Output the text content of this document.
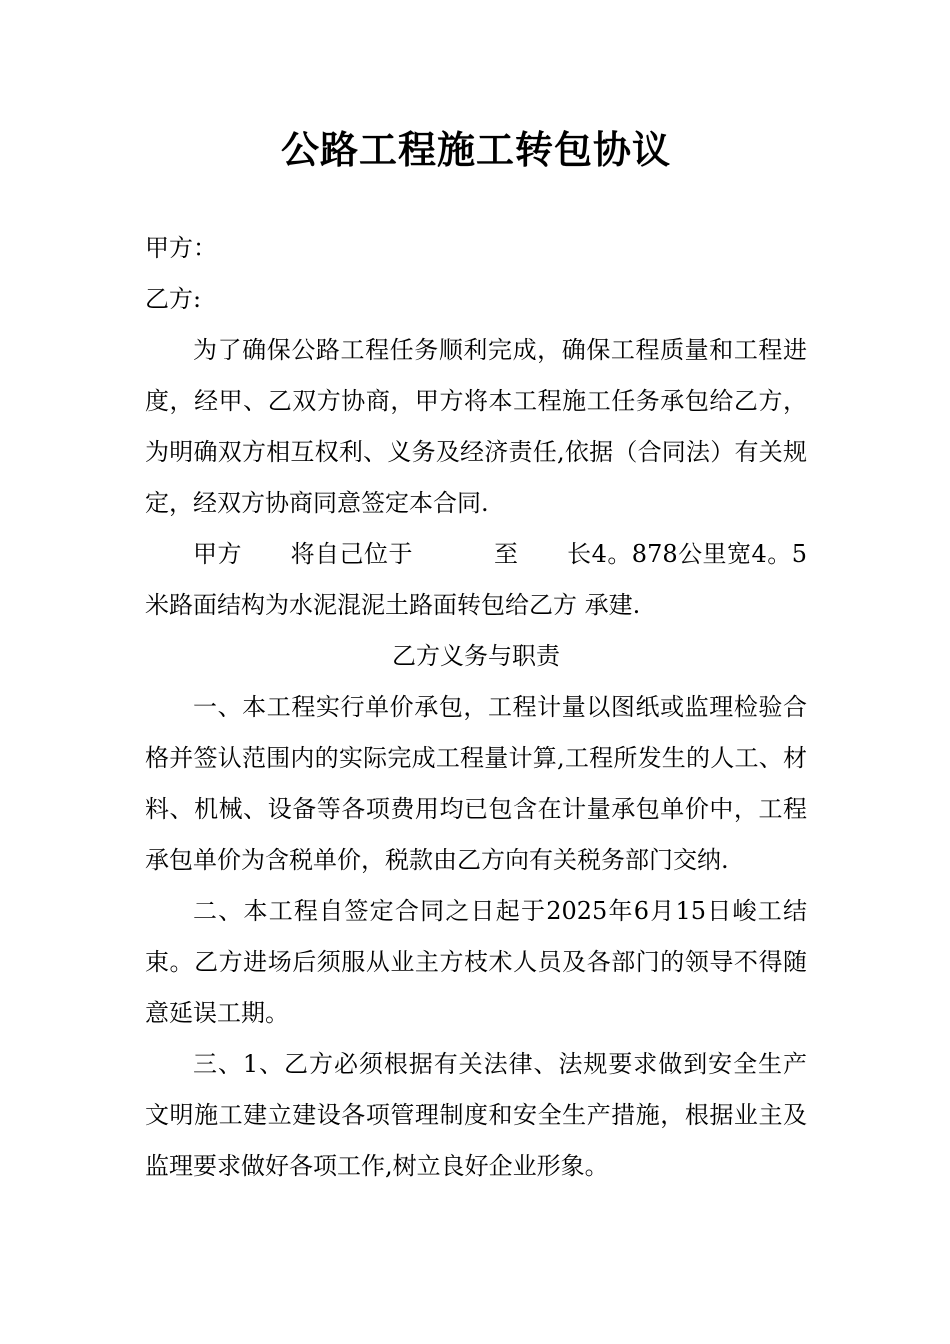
公路工程施工转包协议

甲方：

乙方:

为了确保公路工程任务顺利完成，确保工程质量和工程进度，经甲、乙双方协商，甲方将本工程施工任务承包给乙方，为明确双方相互权利、义务及经济责任,依据（合同法）有关规定，经双方协商同意签定本合同.

甲方 将自己位于	至 长4。878公里宽4。5米路面结构为水泥混泥土路面转包给乙方 承建.

乙方义务与职责

一、本工程实行单价承包，工程计量以图纸或监理检验合格并签认范围内的实际完成工程量计算,工程所发生的人工、材料、机械、设备等各项费用均已包含在计量承包单价中，工程承包单价为含税单价，税款由乙方向有关税务部门交纳.

二、本工程自签定合同之日起于2025年6月15日峻工结束。乙方进场后须服从业主方枝术人员及各部门的领导不得随意延误工期。

三、1、乙方必须根据有关法律、法规要求做到安全生产文明施工建立建设各项管理制度和安全生产措施，根据业主及监理要求做好各项工作,树立良好企业形象。
